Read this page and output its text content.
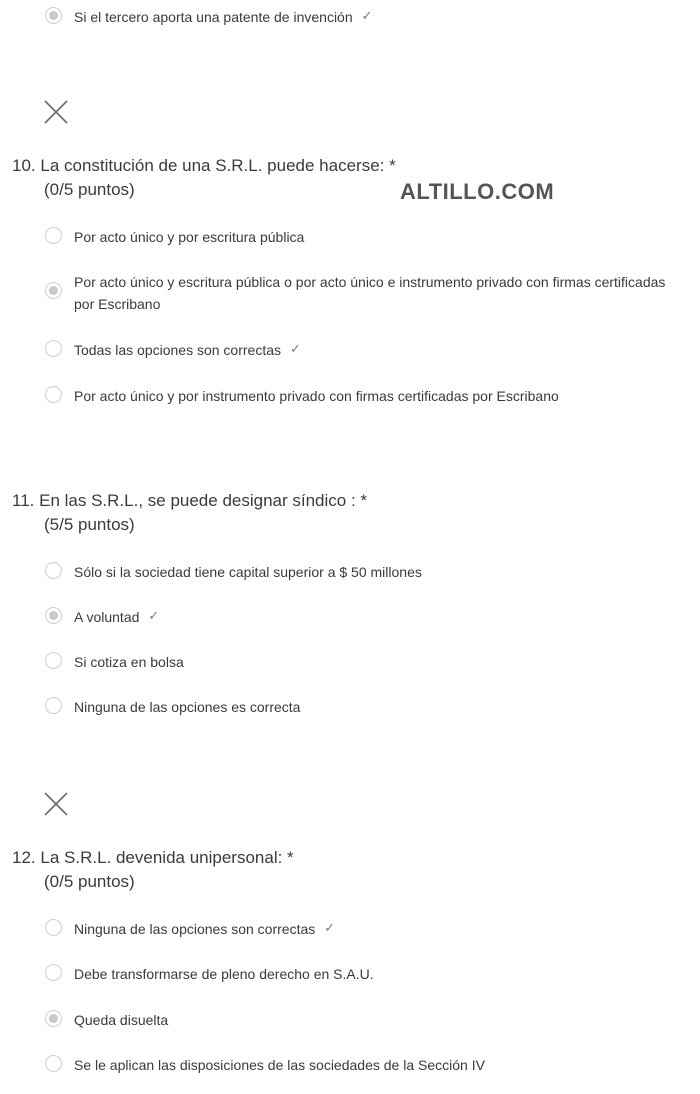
Si el tercero aporta una patente de invención ✓
10. La constitución de una S.R.L. puede hacerse: *
(0/5 puntos)	ALTILLO.COM
Por acto único y por escritura pública
Por acto único y escritura pública o por acto único e instrumento privado con firmas certificadas por Escribano
Todas las opciones son correctas ✓
Por acto único y por instrumento privado con firmas certificadas por Escribano
11. En las S.R.L., se puede designar síndico : *
(5/5 puntos)
Sólo si la sociedad tiene capital superior a $ 50 millones
A voluntad ✓
Si cotiza en bolsa
Ninguna de las opciones es correcta
12. La S.R.L. devenida unipersonal: *
(0/5 puntos)
Ninguna de las opciones son correctas ✓
Debe transformarse de pleno derecho en S.A.U.
Queda disuelta
Se le aplican las disposiciones de las sociedades de la Sección IV
